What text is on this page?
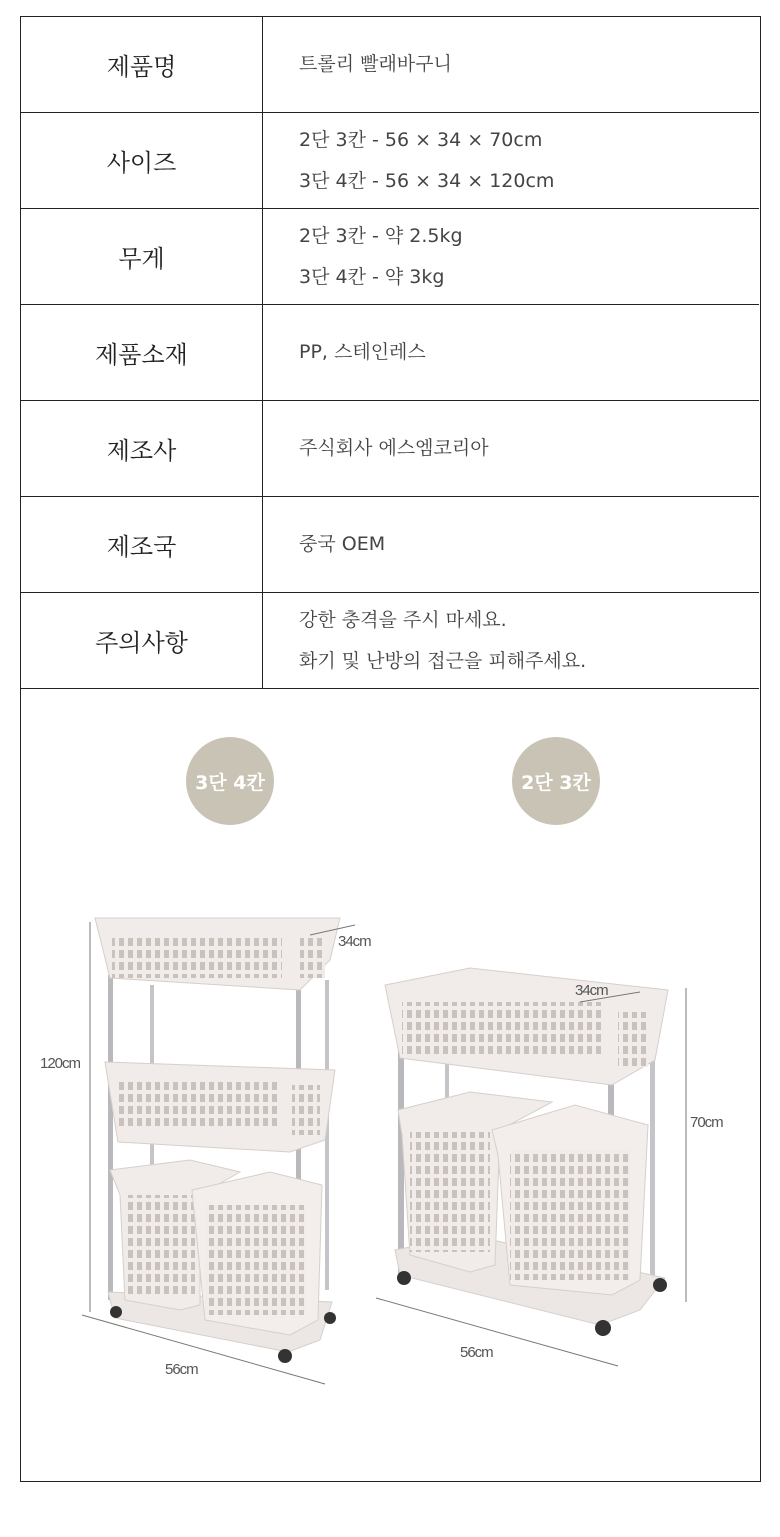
제품명	트롤리 빨래바구니

사이즈	2단 3칸 - 56 × 34 × 70cm
3단 4칸 - 56 × 34 × 120cm

무게	2단 3칸 - 약 2.5kg
3단 4칸 - 약 3kg

제품소재	PP, 스테인레스

제조사	주식회사 에스엠코리아

제조국	중국 OEM

주의사항	강한 충격을 주시 마세요.
화기 및 난방의 접근을 피해주세요.
3단 4칸	2단 3칸
120cm
34cm
56cm
70cm
34cm
56cm
